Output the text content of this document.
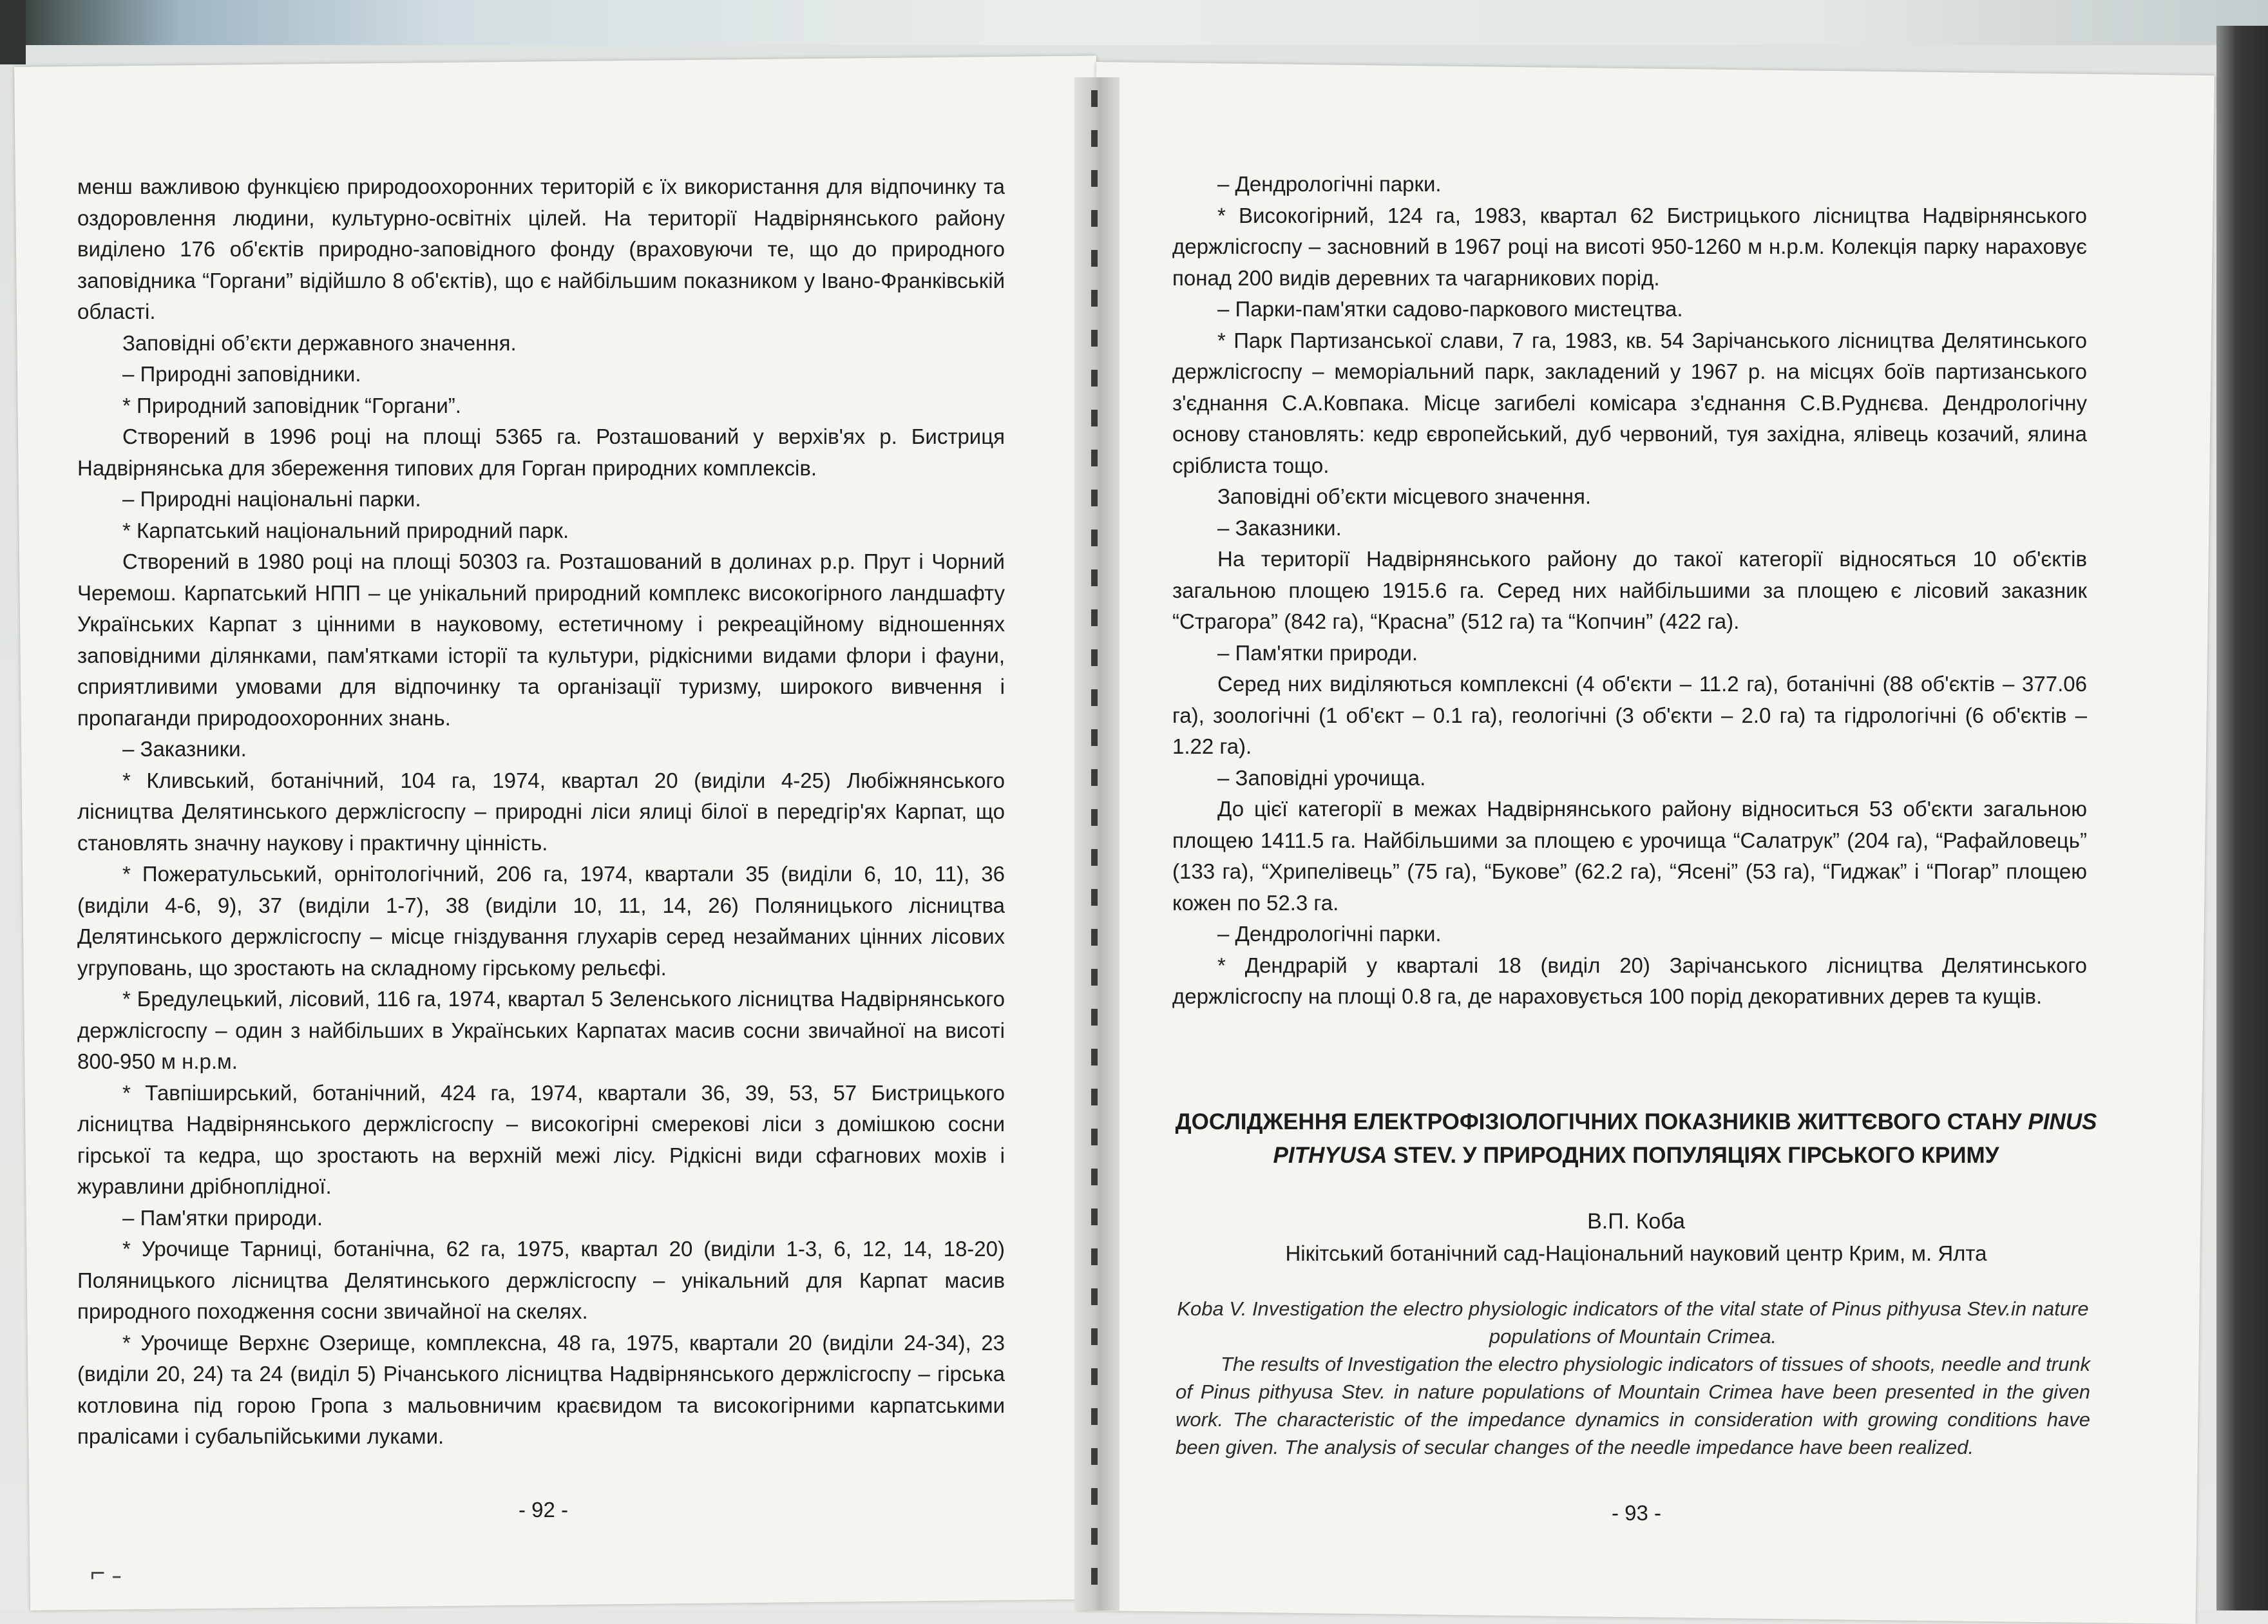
менш важливою функцією природоохоронних територій є їх використання для відпочинку та оздоровлення людини, культурно-освітніх цілей. На території Надвірнянського району виділено 176 об'єктів природно-заповідного фонду (враховуючи те, що до природного заповідника “Горгани” відійшло 8 об'єктів), що є найбільшим показником у Івано-Франківській області.

Заповідні об’єкти державного значення.

– Природні заповідники.

* Природний заповідник “Горгани”.

Створений в 1996 році на площі 5365 га. Розташований у верхів'ях р. Бистриця Надвірнянська для збереження типових для Горган природних комплексів.

– Природні національні парки.

* Карпатський національний природний парк.

Створений в 1980 році на площі 50303 га. Розташований в долинах р.р. Прут і Чорний Черемош. Карпатський НПП – це унікальний природний комплекс високогірного ландшафту Українських Карпат з цінними в науковому, естетичному і рекреаційному відношеннях заповідними ділянками, пам'ятками історії та культури, рідкісними видами флори і фауни, сприятливими умовами для відпочинку та організації туризму, широкого вивчення і пропаганди природоохоронних знань.

– Заказники.

* Кливський, ботанічний, 104 га, 1974, квартал 20 (виділи 4-25) Любіжнянського лісництва Делятинського держлісгоспу – природні ліси ялиці білої в передгір'ях Карпат, що становлять значну наукову і практичну цінність.

* Пожератульський, орнітологічний, 206 га, 1974, квартали 35 (виділи 6, 10, 11), 36 (виділи 4-6, 9), 37 (виділи 1-7), 38 (виділи 10, 11, 14, 26) Поляницького лісництва Делятинського держлісгоспу – місце гніздування глухарів серед незайманих цінних лісових угруповань, що зростають на складному гірському рельєфі.

* Бредулецький, лісовий, 116 га, 1974, квартал 5 Зеленського лісництва Надвірнянського держлісгоспу – один з найбільших в Українських Карпатах масив сосни звичайної на висоті 800-950 м н.р.м.

* Тавпіширський, ботанічний, 424 га, 1974, квартали 36, 39, 53, 57 Бистрицького лісництва Надвірнянського держлісгоспу – високогірні смерекові ліси з домішкою сосни гірської та кедра, що зростають на верхній межі лісу. Рідкісні види сфагнових мохів і журавлини дрібноплідної.

– Пам'ятки природи.

* Урочище Тарниці, ботанічна, 62 га, 1975, квартал 20 (виділи 1-3, 6, 12, 14, 18-20) Поляницького лісництва Делятинського держлісгоспу – унікальний для Карпат масив природного походження сосни звичайної на скелях.

* Урочище Верхнє Озерище, комплексна, 48 га, 1975, квартали 20 (виділи 24-34), 23 (виділи 20, 24) та 24 (виділ 5) Річанського лісництва Надвірнянського держлісгоспу – гірська котловина під горою Гропа з мальовничим краєвидом та високогірними карпатськими пралісами і субальпійськими луками.

- 92 -

– Дендрологічні парки.

* Високогірний, 124 га, 1983, квартал 62 Бистрицького лісництва Надвірнянського держлісгоспу – засновний в 1967 році на висоті 950-1260 м н.р.м. Колекція парку нараховує понад 200 видів деревних та чагарникових порід.

– Парки-пам'ятки садово-паркового мистецтва.

* Парк Партизанської слави, 7 га, 1983, кв. 54 Зарічанського лісництва Делятинського держлісгоспу – меморіальний парк, закладений у 1967 р. на місцях боїв партизанського з'єднання С.А.Ковпака. Місце загибелі комісара з'єднання С.В.Руднєва. Дендрологічну основу становлять: кедр європейський, дуб червоний, туя західна, ялівець козачий, ялина сріблиста тощо.

Заповідні об’єкти місцевого значення.

– Заказники.

На території Надвірнянського району до такої категорії відносяться 10 об'єктів загальною площею 1915.6 га. Серед них найбільшими за площею є лісовий заказник “Страгора” (842 га), “Красна” (512 га) та “Копчин” (422 га).

– Пам'ятки природи.

Серед них виділяються комплексні (4 об'єкти – 11.2 га), ботанічні (88 об'єктів – 377.06 га), зоологічні (1 об'єкт – 0.1 га), геологічні (3 об'єкти – 2.0 га) та гідрологічні (6 об'єктів – 1.22 га).

– Заповідні урочища.

До цієї категорії в межах Надвірнянського району відноситься 53 об'єкти загальною площею 1411.5 га. Найбільшими за площею є урочища “Салатрук” (204 га), “Рафайловець” (133 га), “Хрипелівець” (75 га), “Букове” (62.2 га), “Ясені” (53 га), “Гиджак” і “Погар” площею кожен по 52.3 га.

– Дендрологічні парки.

* Дендрарій у кварталі 18 (виділ 20) Зарічанського лісництва Делятинського держлісгоспу на площі 0.8 га, де нараховується 100 порід декоративних дерев та кущів.

ДОСЛІДЖЕННЯ ЕЛЕКТРОФІЗІОЛОГІЧНИХ ПОКАЗНИКІВ ЖИТТЄВОГО СТАНУ PINUS PITHYUSA STEV. У ПРИРОДНИХ ПОПУЛЯЦІЯХ ГІРСЬКОГО КРИМУ
В.П. Коба
Нікітський ботанічний сад-Національний науковий центр Крим, м. Ялта

Koba V. Investigation the electro physiologic indicators of the vital state of Pinus pithyusa Stev.in nature populations of Mountain Crimea.

The results of Investigation the electro physiologic indicators of tissues of shoots, needle and trunk of Pinus pithyusa Stev. in nature populations of Mountain Crimea have been presented in the given work. The characteristic of the impedance dynamics in consideration with growing conditions have been given. The analysis of secular changes of the needle impedance have been realized.

- 93 -
⌐ ˗
